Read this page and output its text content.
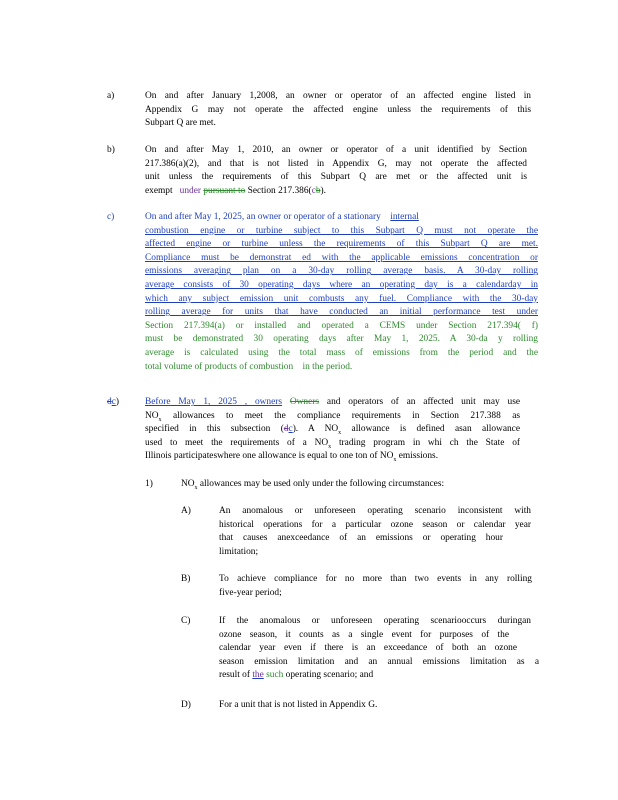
a)	On and after January 1,2008, an owner or operator of an affected engine listed in
Appendix G may not operate the affected engine unless the requirements of this
Subpart Q are met.
b)	On and after May 1, 2010, an owner or operator of a unit identified by Section
217.386(a)(2), and that is not listed in Appendix G, may not operate the affected
unit unless the requirements of this Subpart Q are met or the affected unit is
exempt under pursuant to Section 217.386(cb).
c)	On and after May 1, 2025, an owner or operator of a stationary internal
combustion engine or turbine subject to this Subpart Q must not operate the
affected engine or turbine unless the requirements of this Subpart Q are met.
Compliance must be demonstrat ed with the applicable emissions concentration or
emissions averaging plan on a 30-day rolling average basis. A 30-day rolling
average consists of 30 operating days where an operating day is a calendarday in
which any subject emission unit combusts any fuel. Compliance with the 30-day
rolling average for units that have conducted an initial performance test under
Section 217.394(a) or installed and operated a CEMS under Section 217.394( f)
must be demonstrated 30 operating days after May 1, 2025. A 30-da y rolling
average is calculated using the total mass of emissions from the period and the
total volume of products of combustion in the period.
dc)	Before May 1, 2025 , owners Owners and operators of an affected unit may use
$NO_x$ allowances to meet the compliance requirements in Section 217.388 as
specified in this subsection (dc). A $NO_x$ allowance is defined asan allowance
used to meet the requirements of a $NO_x$ trading program in whi ch the State of
Illinois participateswhere one allowance is equal to one ton of $NO_x$ emissions.
1)	$NO_x$ allowances may be used only under the following circumstances:
A)	An anomalous or unforeseen operating scenario inconsistent with
historical operations for a particular ozone season or calendar year
that causes anexceedance of an emissions or operating hour
limitation;
B)	To achieve compliance for no more than two events in any rolling
five-year period;
C)	If the anomalous or unforeseen operating scenariooccurs duringan
ozone season, it counts as a single event for purposes of the
calendar year even if there is an exceedance of both an ozone
season emission limitation and an annual emissions limitation as a
result of the such operating scenario; and
D)	For a unit that is not listed in Appendix G.
